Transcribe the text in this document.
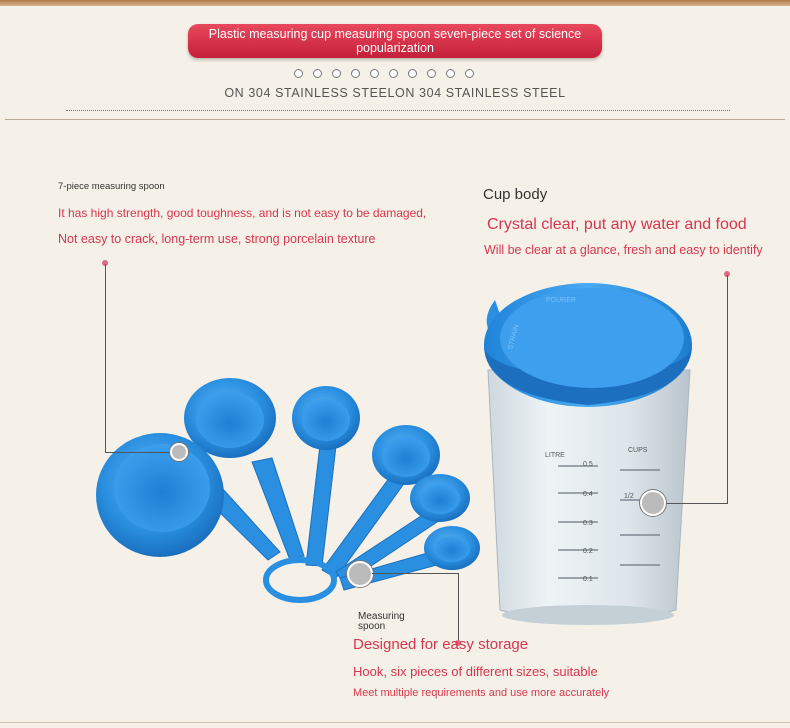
Plastic measuring cup measuring spoon seven-piece set of science popularization
ON 304 STAINLESS STEELON 304 STAINLESS STEEL
LITRE
CUPS
0.5
0.4
0.3
0.2
0.1
1/2
POURER
STRAIN
7-piece measuring spoon
It has high strength, good toughness, and is not easy to be damaged,
Not easy to crack, long-term use, strong porcelain texture
Cup body
Crystal clear, put any water and food
Will be clear at a glance, fresh and easy to identify
Measuring spoon
Designed for easy storage
Hook, six pieces of different sizes, suitable
Meet multiple requirements and use more accurately
